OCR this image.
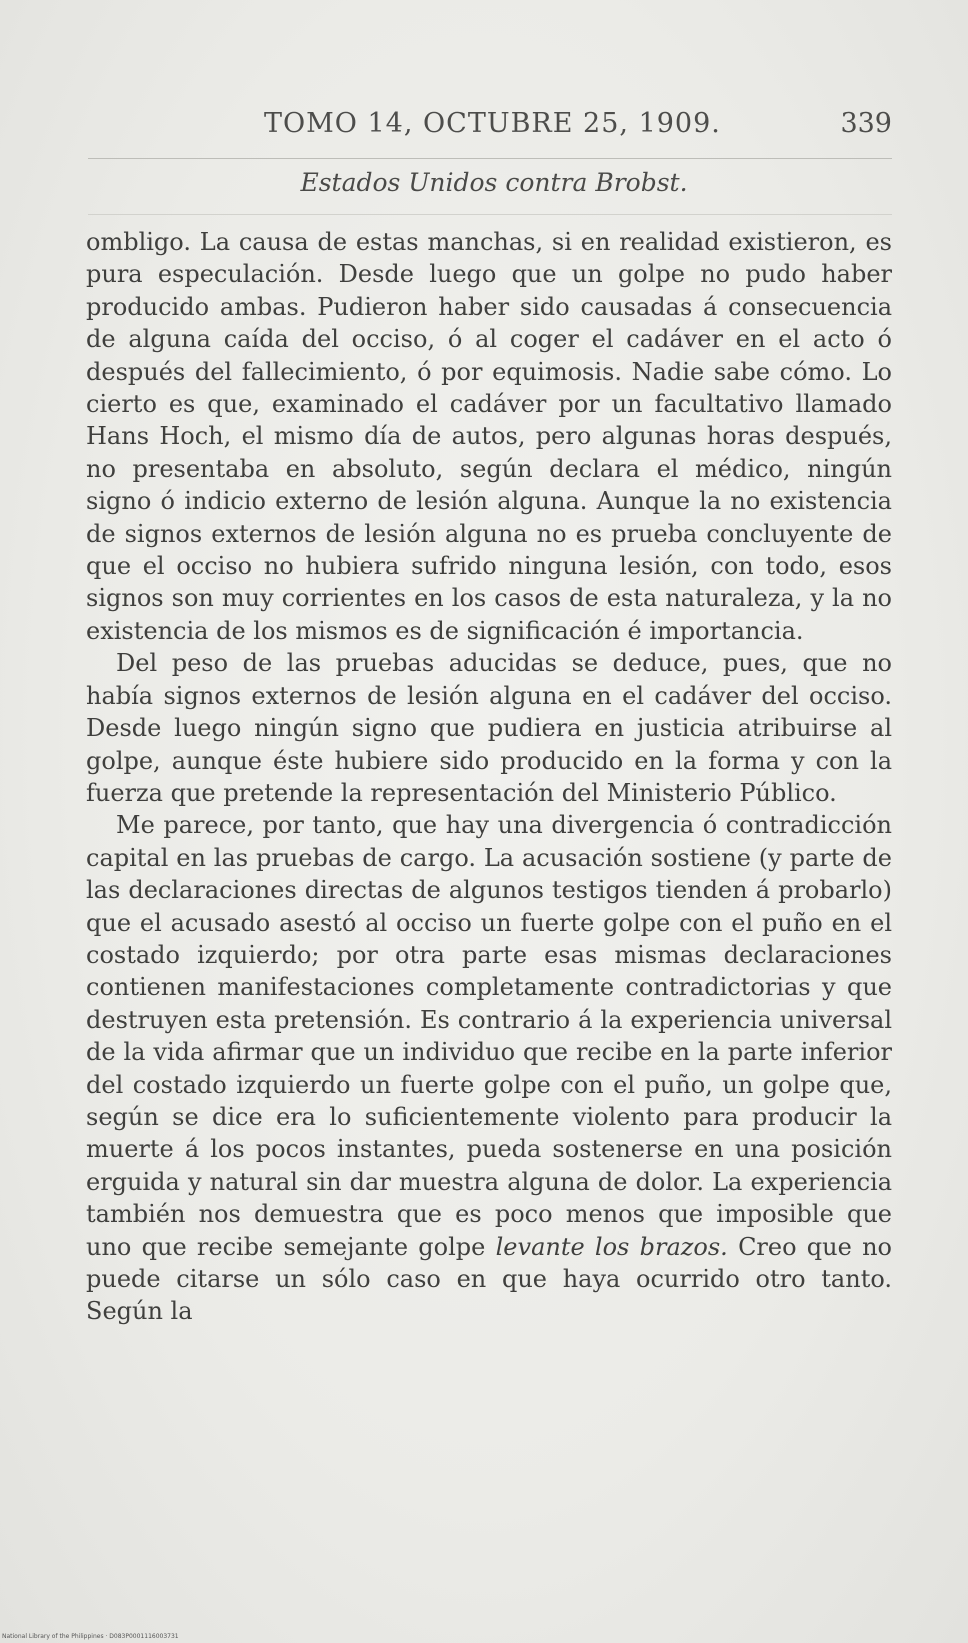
TOMO 14, OCTUBRE 25, 1909.	339
Estados Unidos contra Brobst.

ombligo. La causa de estas manchas, si en realidad existieron, es pura especulación. Desde luego que un golpe no pudo haber producido ambas. Pudieron haber sido causadas á consecuencia de alguna caída del occiso, ó al coger el cadáver en el acto ó después del fallecimiento, ó por equimosis. Nadie sabe cómo. Lo cierto es que, examinado el cadáver por un facultativo llamado Hans Hoch, el mismo día de autos, pero algunas horas después, no presentaba en absoluto, según declara el médico, ningún signo ó indicio externo de lesión alguna. Aunque la no existencia de signos externos de lesión alguna no es prueba concluyente de que el occiso no hubiera sufrido ninguna lesión, con todo, esos signos son muy corrientes en los casos de esta naturaleza, y la no existencia de los mismos es de significación é importancia.

Del peso de las pruebas aducidas se deduce, pues, que no había signos externos de lesión alguna en el cadáver del occiso. Desde luego ningún signo que pudiera en justicia atribuirse al golpe, aunque éste hubiere sido producido en la forma y con la fuerza que pretende la representación del Ministerio Público.

Me parece, por tanto, que hay una divergencia ó contradicción capital en las pruebas de cargo. La acusación sostiene (y parte de las declaraciones directas de algunos testigos tienden á probarlo) que el acusado asestó al occiso un fuerte golpe con el puño en el costado izquierdo; por otra parte esas mismas declaraciones contienen manifestaciones completamente contradictorias y que destruyen esta pretensión. Es contrario á la experiencia universal de la vida afirmar que un individuo que recibe en la parte inferior del costado izquierdo un fuerte golpe con el puño, un golpe que, según se dice era lo suficientemente violento para producir la muerte á los pocos instantes, pueda sostenerse en una posición erguida y natural sin dar muestra alguna de dolor. La experiencia también nos demuestra que es poco menos que imposible que uno que recibe semejante golpe levante los brazos. Creo que no puede citarse un sólo caso en que haya ocurrido otro tanto. Según la

National Library of the Philippines · D083P0001116003731
